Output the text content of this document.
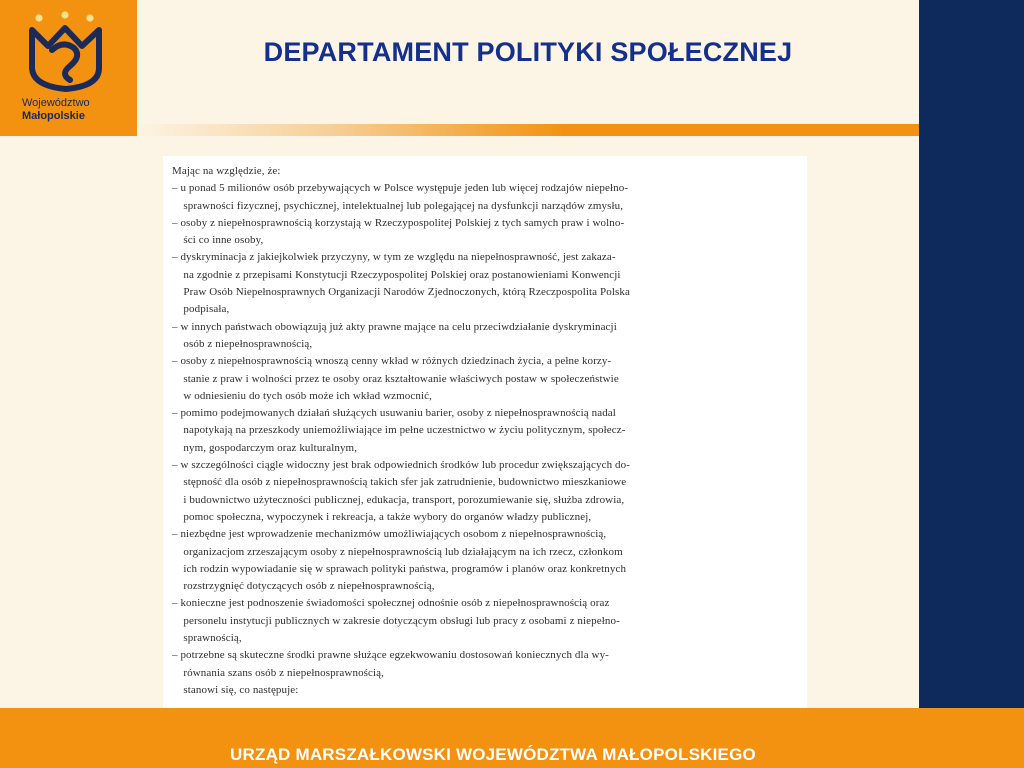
Województwo
Małopolskie
DEPARTAMENT POLITYKI SPOŁECZNEJ
Mając na względzie, że:
– u ponad 5 milionów osób przebywających w Polsce występuje jeden lub więcej rodzajów niepełno-
sprawności fizycznej, psychicznej, intelektualnej lub polegającej na dysfunkcji narządów zmysłu,
– osoby z niepełnosprawnością korzystają w Rzeczypospolitej Polskiej z tych samych praw i wolno-
ści co inne osoby,
– dyskryminacja z jakiejkolwiek przyczyny, w tym ze względu na niepełnosprawność, jest zakaza-
na zgodnie z przepisami Konstytucji Rzeczypospolitej Polskiej oraz postanowieniami Konwencji
Praw Osób Niepełnosprawnych Organizacji Narodów Zjednoczonych, którą Rzeczpospolita Polska
podpisała,
– w innych państwach obowiązują już akty prawne mające na celu przeciwdziałanie dyskryminacji
osób z niepełnosprawnością,
– osoby z niepełnosprawnością wnoszą cenny wkład w różnych dziedzinach życia, a pełne korzy-
stanie z praw i wolności przez te osoby oraz kształtowanie właściwych postaw w społeczeństwie
w odniesieniu do tych osób może ich wkład wzmocnić,
– pomimo podejmowanych działań służących usuwaniu barier, osoby z niepełnosprawnością nadal
napotykają na przeszkody uniemożliwiające im pełne uczestnictwo w życiu politycznym, społecz-
nym, gospodarczym oraz kulturalnym,
– w szczególności ciągle widoczny jest brak odpowiednich środków lub procedur zwiększających do-
stępność dla osób z niepełnosprawnością takich sfer jak zatrudnienie, budownictwo mieszkaniowe
i budownictwo użyteczności publicznej, edukacja, transport, porozumiewanie się, służba zdrowia,
pomoc społeczna, wypoczynek i rekreacja, a także wybory do organów władzy publicznej,
– niezbędne jest wprowadzenie mechanizmów umożliwiających osobom z niepełnosprawnością,
organizacjom zrzeszającym osoby z niepełnosprawnością lub działającym na ich rzecz, członkom
ich rodzin wypowiadanie się w sprawach polityki państwa, programów i planów oraz konkretnych
rozstrzygnięć dotyczących osób z niepełnosprawnością,
– konieczne jest podnoszenie świadomości społecznej odnośnie osób z niepełnosprawnością oraz
personelu instytucji publicznych w zakresie dotyczącym obsługi lub pracy z osobami z niepełno-
sprawnością,
– potrzebne są skuteczne środki prawne służące egzekwowaniu dostosowań koniecznych dla wy-
równania szans osób z niepełnosprawnością,
stanowi się, co następuje:
URZĄD MARSZAŁKOWSKI WOJEWÓDZTWA MAŁOPOLSKIEGO
